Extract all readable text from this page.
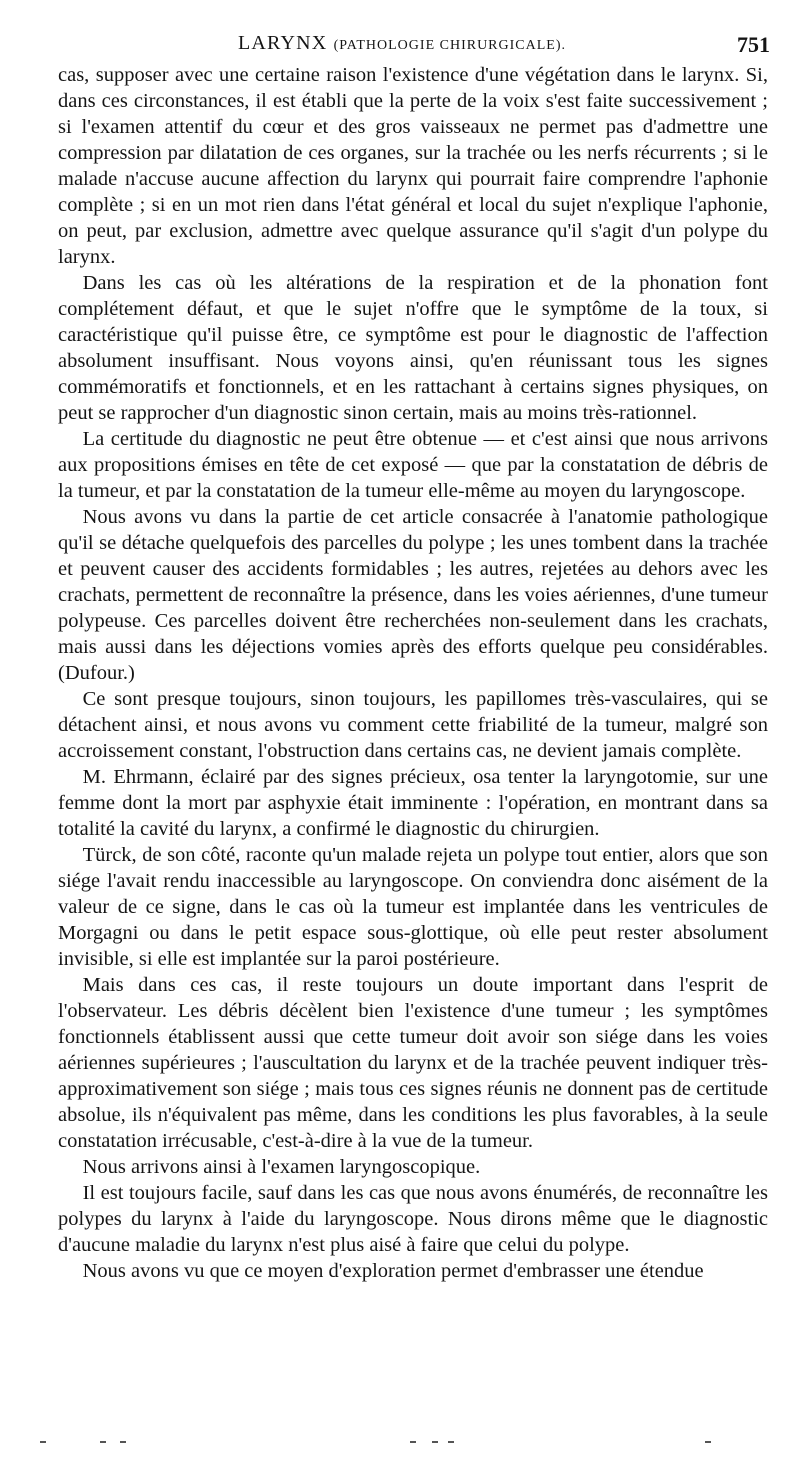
LARYNX (PATHOLOGIE CHIRURGICALE).	751

cas, supposer avec une certaine raison l'existence d'une végétation dans le larynx. Si, dans ces circonstances, il est établi que la perte de la voix s'est faite successivement ; si l'examen attentif du cœur et des gros vaisseaux ne permet pas d'admettre une compression par dilatation de ces organes, sur la trachée ou les nerfs récurrents ; si le malade n'accuse aucune affection du larynx qui pourrait faire comprendre l'aphonie complète ; si en un mot rien dans l'état général et local du sujet n'explique l'aphonie, on peut, par exclusion, admettre avec quelque assurance qu'il s'agit d'un polype du larynx.

Dans les cas où les altérations de la respiration et de la phonation font complétement défaut, et que le sujet n'offre que le symptôme de la toux, si caractéristique qu'il puisse être, ce symptôme est pour le diagnostic de l'affection absolument insuffisant. Nous voyons ainsi, qu'en réunissant tous les signes commémoratifs et fonctionnels, et en les rattachant à certains signes physiques, on peut se rapprocher d'un diagnostic sinon certain, mais au moins très-rationnel.

La certitude du diagnostic ne peut être obtenue — et c'est ainsi que nous arrivons aux propositions émises en tête de cet exposé — que par la constatation de débris de la tumeur, et par la constatation de la tumeur elle-même au moyen du laryngoscope.

Nous avons vu dans la partie de cet article consacrée à l'anatomie pathologique qu'il se détache quelquefois des parcelles du polype ; les unes tombent dans la trachée et peuvent causer des accidents formidables ; les autres, rejetées au dehors avec les crachats, permettent de reconnaître la présence, dans les voies aériennes, d'une tumeur polypeuse. Ces parcelles doivent être recherchées non-seulement dans les crachats, mais aussi dans les déjections vomies après des efforts quelque peu considérables. (Dufour.)

Ce sont presque toujours, sinon toujours, les papillomes très-vasculaires, qui se détachent ainsi, et nous avons vu comment cette friabilité de la tumeur, malgré son accroissement constant, l'obstruction dans certains cas, ne devient jamais complète.

M. Ehrmann, éclairé par des signes précieux, osa tenter la laryngotomie, sur une femme dont la mort par asphyxie était imminente : l'opération, en montrant dans sa totalité la cavité du larynx, a confirmé le diagnostic du chirurgien.

Türck, de son côté, raconte qu'un malade rejeta un polype tout entier, alors que son siége l'avait rendu inaccessible au laryngoscope. On conviendra donc aisément de la valeur de ce signe, dans le cas où la tumeur est implantée dans les ventricules de Morgagni ou dans le petit espace sous-glottique, où elle peut rester absolument invisible, si elle est implantée sur la paroi postérieure.

Mais dans ces cas, il reste toujours un doute important dans l'esprit de l'observateur. Les débris décèlent bien l'existence d'une tumeur ; les symptômes fonctionnels établissent aussi que cette tumeur doit avoir son siége dans les voies aériennes supérieures ; l'auscultation du larynx et de la trachée peuvent indiquer très-approximativement son siége ; mais tous ces signes réunis ne donnent pas de certitude absolue, ils n'équivalent pas même, dans les conditions les plus favorables, à la seule constatation irrécusable, c'est-à-dire à la vue de la tumeur.

Nous arrivons ainsi à l'examen laryngoscopique.

Il est toujours facile, sauf dans les cas que nous avons énumérés, de reconnaître les polypes du larynx à l'aide du laryngoscope. Nous dirons même que le diagnostic d'aucune maladie du larynx n'est plus aisé à faire que celui du polype.

Nous avons vu que ce moyen d'exploration permet d'embrasser une étendue
